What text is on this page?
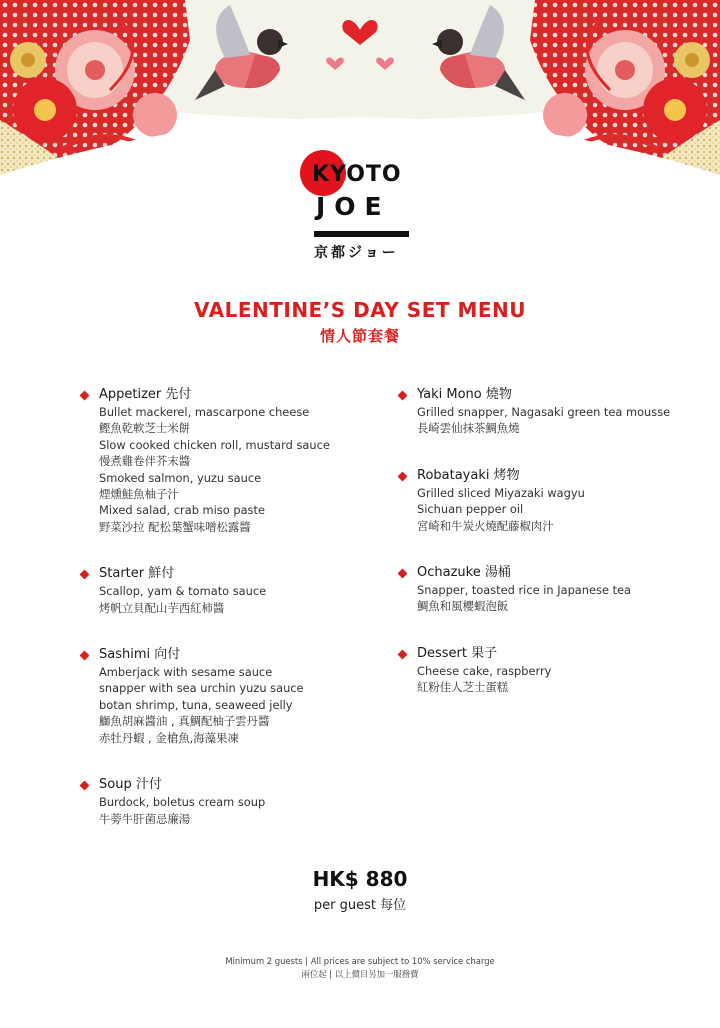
KYOTO
JOE
京都ジョー
VALENTINE’S DAY SET MENU
情人節套餐
Appetizer 先付
Bullet mackerel, mascarpone cheese
鰹魚乾軟芝士米餅
Slow cooked chicken roll, mustard sauce
慢煮雞卷伴芥末醬
Smoked salmon, yuzu sauce
煙燻鮭魚柚子汁
Mixed salad, crab miso paste
野菜沙拉 配松葉蟹味噌松露醬
Starter 鮮付
Scallop, yam & tomato sauce
烤帆立貝配山芋西紅柿醬
Sashimi 向付
Amberjack with sesame sauce
snapper with sea urchin yuzu sauce
botan shrimp, tuna, seaweed jelly
鰤魚胡麻醬油 , 真鯛配柚子雲丹醬
赤牡丹蝦 , 金槍魚,海藻果凍
Soup 汁付
Burdock, boletus cream soup
牛蒡牛肝菌忌廉湯
Yaki Mono 燒物
Grilled snapper, Nagasaki green tea mousse
長崎雲仙抹茶鯛魚燒
Robatayaki 烤物
Grilled sliced Miyazaki wagyu
Sichuan pepper oil
宮崎和牛炭火燒配藤椒肉汁
Ochazuke 湯桶
Snapper, toasted rice in Japanese tea
鯛魚和風櫻蝦泡飯
Dessert 果子
Cheese cake, raspberry
紅粉佳人芝士蛋糕
HK$ 880
per guest 每位
Minimum 2 guests | All prices are subject to 10% service charge
兩位起 | 以上價目另加一服務費
